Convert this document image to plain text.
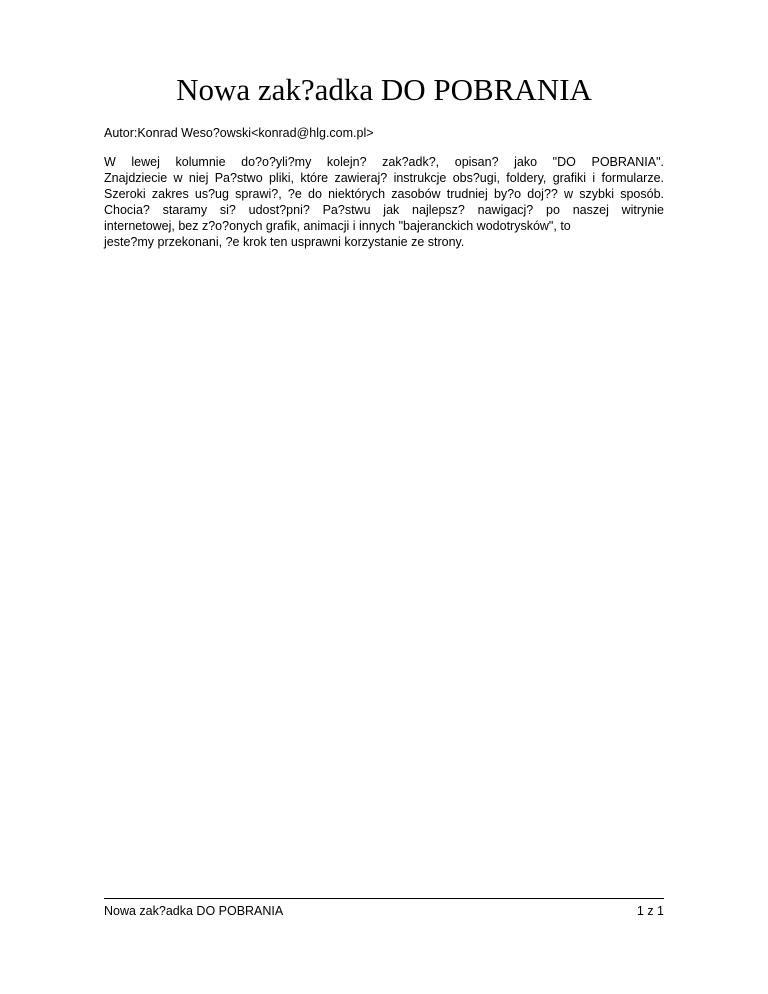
Nowa zak?adka DO POBRANIA
Autor:Konrad Weso?owski<konrad@hlg.com.pl>
W lewej kolumnie do?o?yli?my kolejn? zak?adk?, opisan? jako "DO POBRANIA".
Znajdziecie w niej Pa?stwo pliki, które zawieraj? instrukcje obs?ugi, foldery, grafiki i formularze.
Szeroki zakres us?ug sprawi?, ?e do niektórych zasobów trudniej by?o doj?? w szybki sposób.
Chocia? staramy si? udost?pni? Pa?stwu jak najlepsz? nawigacj? po naszej witrynie
internetowej, bez z?o?onych grafik, animacji i innych "bajeranckich wodotrysków", to
jeste?my przekonani, ?e krok ten usprawni korzystanie ze strony.
Nowa zak?adka DO POBRANIA	1 z 1
